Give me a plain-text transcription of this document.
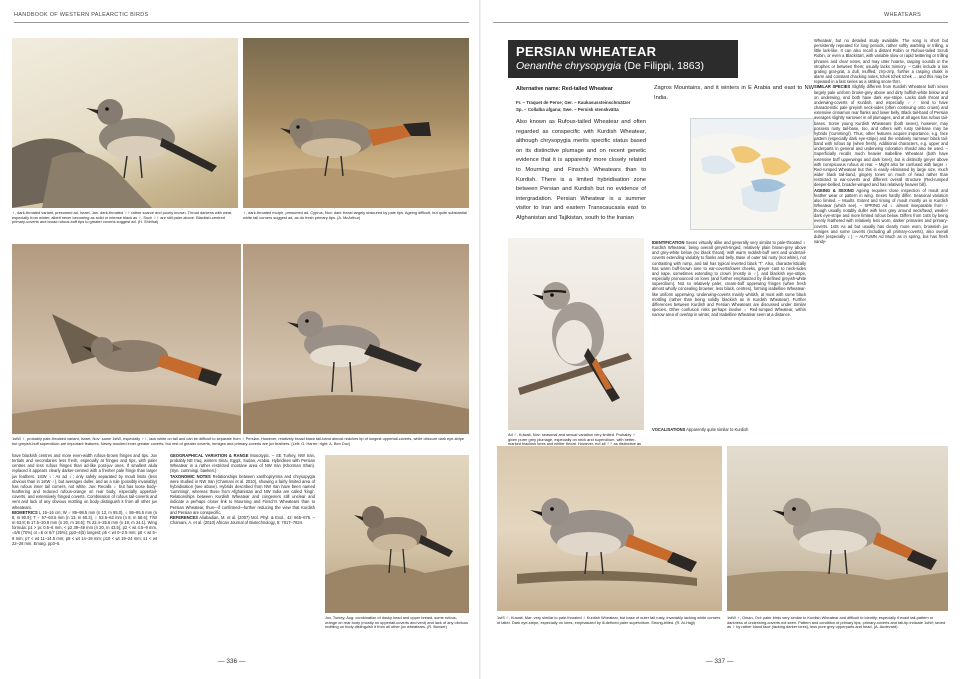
HANDBOOK OF WESTERN PALEARCTIC BIRDS
♀, dark-throated variant, presumed ad, Israel, Jan. dark-throated ♀♀ rather scarce and poorly known. Throat darkens with wear, especially from winter, albeit never becoming as solid or intense black as ♂. Such ♀♀ are still paler above. Blackish-centred primary-coverts and broad rufous-buff tips to greater coverts suggest ad. (H. Shirihai)
♀, dark-throated morph, presumed ad, Cyprus, Nov: dark throat largely obscured by pale tips. Ageing difficult, but quite substantial white tail corners suggest ad, as do fresh primary tips. (A. McArthur)
1stW ♀, probably pale-throated variant, Israel, Nov: same 1stW, especially ♀♀, lack white on tail and can be difficult to separate from ♀ Persian. However, relatively broad black tail-band almost reaches tip of longest uppertail-coverts, while obscure dark eye-stripe but greyish-buff supercilium are important features. Newly-moulted inner greater coverts, but rest of greater coverts, remiges and primary-coverts are juv feathers. (Left: G. Harrer; right: A. Ben Dov)
have blackish centres and more even-width rufous-brown fringes and tips. Juv tertials and secondaries less fresh, especially at fringes and tips, with paler centres and less rufous fringes than ad-like post-juv ones. If smallest alula replaced it appears clearly darker-centred with a fresher pale fringe than larger juv feathers. 1stW ♀: As ad ♀; only safely separated by moult limits (less obvious than in 1stW ♂), but averages duller, and as a rule (possibly invariably) has rufous inner tail corners, not white. Juv: Recalls ♀ but has loose body-feathering and reduced rufous-orange on rear body, especially uppertail-coverts, and extensively fringed coverts. Combination of rufous tail-coverts and vent and lack of any obvious mottling on body distinguish it from all other juv wheatears.
BIOMETRICS L 15–16 cm; W ♂ 89–98.5 mm (n 13, m 95.0), ♀ 86–95.5 mm (n 8, m 90.9); T ♂ 57–63.5 mm (n 13, m 60.3), ♀ 53.5–63 mm (n 8, m 58.6); T/W m 63.8; B 17.5–20.8 mm (n 20, m 18.6); Ts 22.4–25.6 mm (n 19, m 24.1). Wing formula: p1 > pc 0.5–6 mm, < p2 39–49 mm (n 20, m 43.5); p2 < wt 4.5–9 mm, =5/6 (70%) or =6 or 6/7 (25%); pp3–4(5) longest; p5 < wt 0–2.5 mm; p6 < wt 5–9 mm; p7 < wt 11–14.5 mm; p8 < wt 14–19 mm; p10 < wt 19–24 mm; s1 < wt 22–28 mm. Emarg. pp3–5.
GEOGRAPHICAL VARIATION & RANGE Monotypic. – SE Turkey, NW Iran, probably NE Iraq, winters Sinai, Egypt, Sudan, Arabia. Hybridises with Persian Wheatear in a rather restricted montane area of NW Iran (Khorman Shan). (Syn. cummingi, baekeri.)
TAXONOMIC NOTES Relationships between xanthoprymna and chrysopygia were studied in NW Iran (Chamani et al. 2010), showing a fairly limited area of hybridisation (see above). Hybrids described from NW Iran have been named 'cummingi', whereas those from Afghanistan and NW India are called 'kingi'. Relationships between Kurdish Wheatear and congeners still unclear and indicate a perhaps closer link to Mourning and Finsch's Wheatears than to Persian Wheatear, thus—if confirmed—further reducing the view that Kurdish and Persian are conspecific.
REFERENCES Aliabadian, M. et al. (2007) Mol. Phyl. & Evol., 42: 665–675. – Chamani, A. et al. (2010) African Journal of Biotechnology, 9: 7817–7824.
Juv, Turkey, Aug: combination of dusky head and upper breast, some rufous-orange on rear body (mostly on uppertail-coverts and vent) and lack of any obvious mottling on body distinguish it from all other juv wheatears. (R. Bonser)
— 336 —
WHEATEARS
PERSIAN WHEATEAR
Oenanthe chrysopygia (De Filippi, 1863)
Alternative name: Red-tailed Wheatear
Fr. – Traquet de Perse; Ger. – Kaukasussteinschmätzer
Sp. – Collalba afgana; Swe. – Persisk stenskvätta
Also known as Rufous-tailed Wheatear and often regarded as conspecific with Kurdish Wheatear, although chrysopygia merits specific status based on its distinctive plumage and on recent genetic evidence that it is apparently more closely related to Mourning and Finsch's Wheatears than to Kurdish. There is a limited hybridisation zone between Persian and Kurdish but no evidence of intergradation. Persian Wheatear is a summer visitor to Iran and eastern Transcaucasia east to Afghanistan and Tajikistan, south to the Iranian
Zagros Mountains, and it winters in E Arabia and east to NW India.
Ad ♂, Kuwait, Nov: seasonal and sexual variation very limited. Probably ♂ given purer grey plumage, especially on neck and supercilium, with better-marked blackish lores and whiter throat. However, not all ♂♂ as distinctive as
IDENTIFICATION Sexes virtually alike and generally very similar to pale-throated ♀ Kurdish Wheatear, being overall greyish-tinged, relatively plain brown-grey above and grey-white below (no black throat), with warm reddish-buff vent and undertail-coverts extending variably to flanks and belly. Base of outer tail rusty (not white), not contrasting with rump, and tail has typical inverted black 'T'. Also, characteristically has warm buff-brown tone to ear-coverts/lower cheeks, greyer cast to neck-sides and nape, sometimes extending to crown (mostly in ♂), and blackish eye-stripe, especially pronounced on lores (and further emphasized by ill-defined greyish-white supercilium). Not so relatively paler, cream-buff upperwing fringes (when fresh almost wholly concealing browner, less black, centres), forming isabelline Wheatear-like uniform upperwing. Underwing-coverts mainly whitish, at most with some black mottling (rather than being solidly blackish as in Kurdish Wheatear). Further differences between Kurdish and Persian Wheatears are discussed under Similar species. Other confusion risks perhaps involve ♀ Red-rumped Wheatear, within narrow area of overlap in winter, and Isabelline Wheatear seen at a distance.
VOCALISATIONS Apparently quite similar to Kurdish
Wheatear, but no detailed study available. The song is short but persistently repeated for long periods, rather softly warbling or trilling, a little lark-like. It can also recall a distant Robin or Rufous-tailed Scrub Robin, or even a Blackstart, with variable slow or rapid twittering or trilling phrases and clear notes, and may utter hoarse, rasping sounds in the strophes or between them; usually lacks mimicry. – Calls include a low grating grat-grat, a dull, muffled, zrrp-zrrp, further a rasping chakk in alarm and constant chacking notes, tchek tchek tchek ..., and this may be repeated in a fast series as a rattling snore thrrr.
SIMILAR SPECIES Slightly different from Kurdish Wheatear both sexes largely pale uniform brown-grey above and dirty buffish-white below and on underwing, and both have dark eye-stripe. Lacks dark throat and underwing-coverts of Kurdish, and especially ♂♂ tend to have characteristic pale greyish neck-sides (often continuing onto crown) and extensive cinnamon rear flanks and lower belly. Black tail-band of Persian averages slightly narrower in all plumages, and at all ages has rufous tail-bases. Some young Kurdish Wheatears (both sexes), however, may possess rusty tail-base, too, and others with rusty tail-base may be hybrids ('cummingi'). Thus, other features acquire importance, e.g. face pattern (especially dark eye-stripe) and the relatively narrower black tail-band with rufous tip (when fresh). Additional characters, e.g. upper and underparts in general and underwing coloration should also be used. – Superficially recalls much heavier Isabelline Wheatear (both have extensive buff upperwings and dark lores), but is distinctly greyer above with conspicuous rufous at rear. – Might also be confused with larger ♀ Red-rumped Wheatear but this is easily eliminated by large size, much wider black tail-band, gingery tones on much of head rather than restricted to ear-coverts and different overall structure (Red-rumped deeper-bellied, broader-winged and has relatively heavier bill).
AGEING & SEXING Ageing requires close inspection of moult and feather wear or pattern in wing. Sexes hardly differ. Seasonal variation also limited. – Moults. Extent and timing of moult mostly as in Kurdish Wheatear (which see). – SPRING Ad ♀ almost inseparable from ♂ though usually notably duller with less grey around neck/head, weaker dark eye-stripe and more limited rufous below. Differs from 1stS by being evenly feathered with relatively less worn, darker primaries and primary-coverts. 1stS As ad but usually has clearly more worn, brownish juv remiges and some coverts (including all primary-coverts), also overall duller (especially ♀). – AUTUMN Ad Much as in spring, but has fresh sandy-
1stS ♂, Kuwait, Mar: very similar to pale-throated ♀ Kurdish Wheatear, but base of outer tail rusty, invariably lacking white corners of latter. Dark eye-stripe, especially on lores, emphasized by ill-defined paler supercilium. Strong-billed. (R. Al-Hajji)
1stW ♀, Oman, Oct: paler birds very similar to Kurdish Wheatear and difficult to identify, especially if exact tail-pattern or darkness of underwing-coverts not seen. Pattern and condition of primary tips, primary-coverts and tail-tip indicate 1stW; sexed as ♀ by rather bland face (lacking darker lores), less pure grey upperparts and head. (A. Audevard)
— 337 —
